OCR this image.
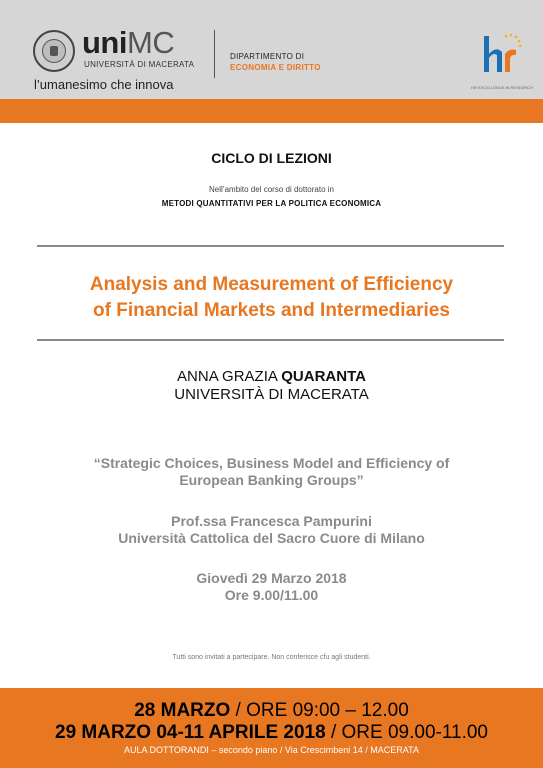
uniMC
UNIVERSITÀ DI MACERATA
l’umanesimo che innova
DIPARTIMENTO DI
ECONOMIA E DIRITTO
HR EXCELLENCE IN RESEARCH
CICLO DI LEZIONI
Nell’ambito del corso di dottorato in
METODI QUANTITATIVI PER LA POLITICA ECONOMICA
Analysis and Measurement of Efficiency
of Financial Markets and Intermediaries
ANNA GRAZIA QUARANTA
UNIVERSITÀ DI MACERATA
“Strategic Choices, Business Model and Efficiency of
European Banking Groups”
Prof.ssa Francesca Pampurini
Università Cattolica del Sacro Cuore di Milano
Giovedì 29 Marzo 2018
Ore 9.00/11.00
Tutti sono invitati a partecipare. Non conferisce cfu agli studenti.
28 MARZO / ORE 09:00 – 12.00
29 MARZO 04-11 APRILE 2018 / ORE 09.00-11.00
AULA DOTTORANDI – secondo piano / Via Crescimbeni 14 / MACERATA
